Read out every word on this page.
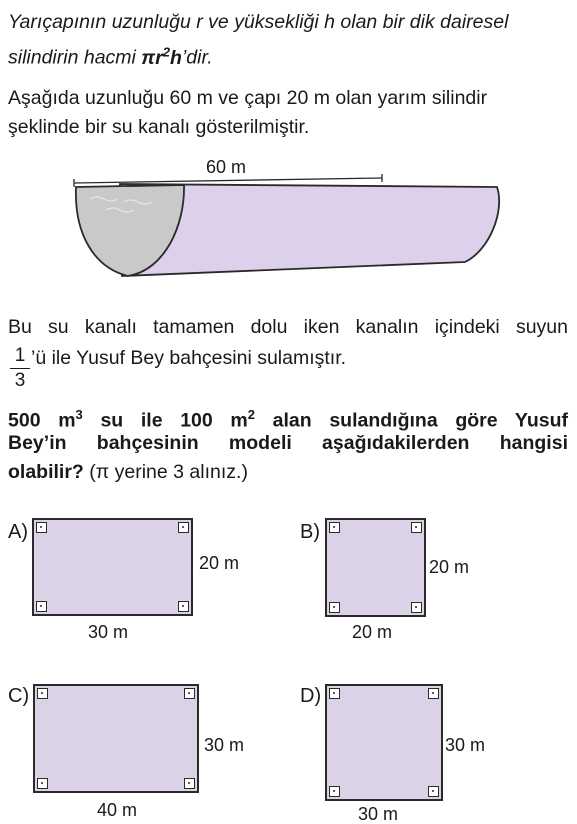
Yarıçapının uzunluğu r ve yüksekliği h olan bir dik dairesel

silindirin hacmi $\pi r^2h’dir$.

Aşağıda uzunluğu 60 m ve çapı 20 m olan yarım silindir

şeklinde bir su kanalı gösterilmiştir.

60 m

Bu su kanalı tamamen dolu iken kanalın içindeki suyun

1
3

’ü ile Yusuf Bey bahçesini sulamıştır.

500 $m^3$ su ile 100 $m^2$ alan sulandığına göre Yusuf

Bey’in bahçesinin modeli aşağıdakilerden hangisi

olabilir? (π yerine 3 alınız.)

A)
20 m
30 m
B)
20 m
20 m
C)
30 m
40 m
D)
30 m
30 m
